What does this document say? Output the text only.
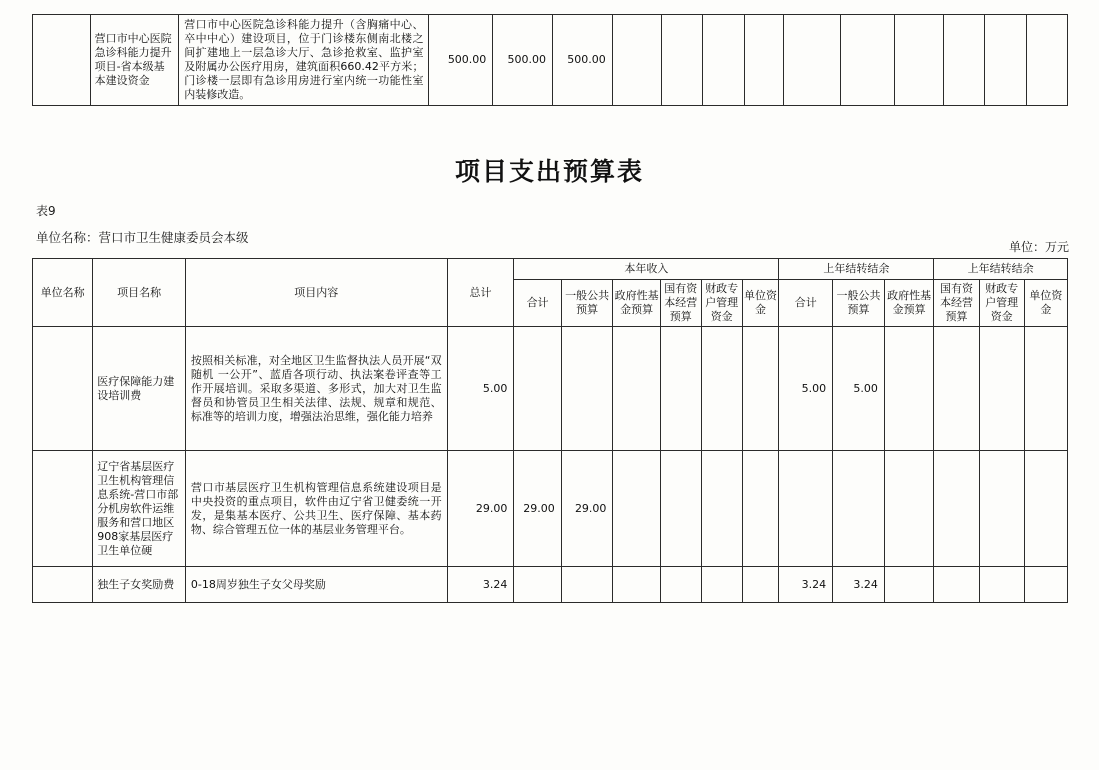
	营口市中心医院急诊科能力提升项目-省本级基本建设资金	营口市中心医院急诊科能力提升（含胸痛中心、卒中中心）建设项目，位于门诊楼东侧南北楼之间扩建地上一层急诊大厅、急诊抢救室、监护室及附属办公医疗用房，建筑面积660.42平方米；门诊楼一层即有急诊用房进行室内统一功能性室内装修改造。	500.00	500.00	500.00										
项目支出预算表
表9
单位名称：营口市卫生健康委员会本级
单位：万元
单位名称	项目名称	项目内容	总计	本年收入						上年结转结余			上年结转结余		
				合计	一般公共预算	政府性基金预算	国有资本经营预算	财政专户管理资金	单位资金	合计	一般公共预算	政府性基金预算	国有资本经营预算	财政专户管理资金	单位资金
	医疗保障能力建设培训费	按照相关标准，对全地区卫生监督执法人员开展“双随机 一公开”、蓝盾各项行动、执法案卷评查等工作开展培训。采取多渠道、多形式，加大对卫生监督员和协管员卫生相关法律、法规、规章和规范、标准等的培训力度，增强法治思维，强化能力培养	5.00							5.00	5.00				

	辽宁省基层医疗卫生机构管理信息系统-营口市部分机房软件运维服务和营口地区908家基层医疗卫生单位硬	营口市基层医疗卫生机构管理信息系统建设项目是中央投资的重点项目，软件由辽宁省卫健委统一开发，是集基本医疗、公共卫生、医疗保障、基本药物、综合管理五位一体的基层业务管理平台。	29.00	29.00	29.00										
	独生子女奖励费	0-18周岁独生子女父母奖励	3.24							3.24	3.24				
